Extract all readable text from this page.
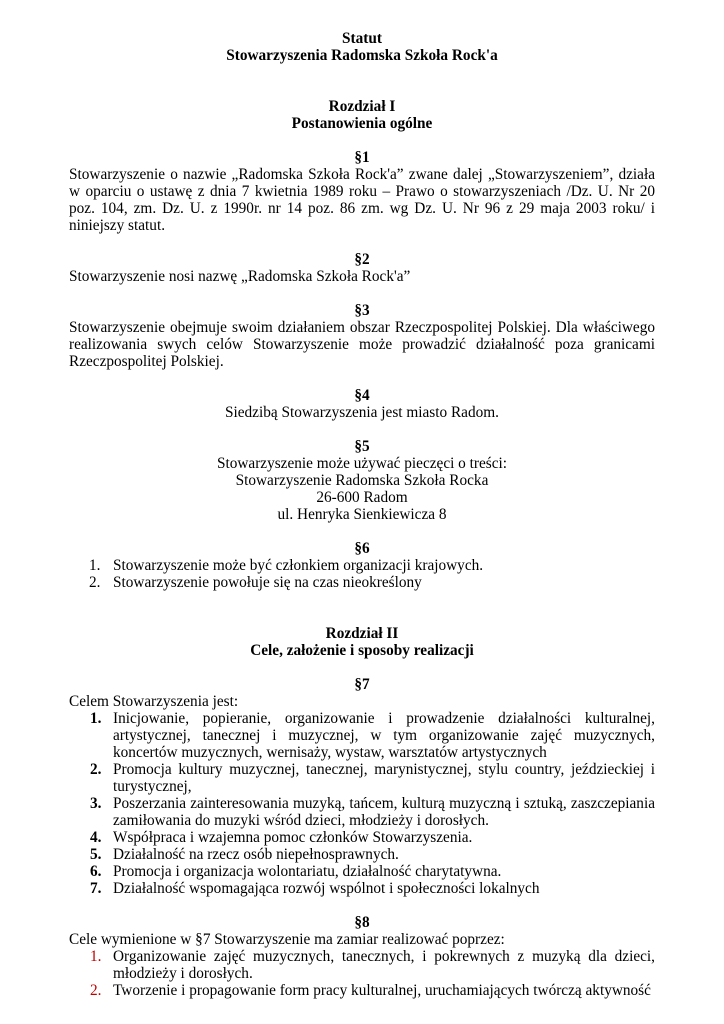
Statut
Stowarzyszenia Radomska Szkoła Rock'a
Rozdział I
Postanowienia ogólne
§1
Stowarzyszenie o nazwie „Radomska Szkoła Rock'a” zwane dalej „Stowarzyszeniem”, działa w oparciu o ustawę z dnia 7 kwietnia 1989 roku – Prawo o stowarzyszeniach /Dz. U. Nr 20 poz. 104, zm. Dz. U. z 1990r. nr 14 poz. 86 zm. wg Dz. U. Nr 96 z 29 maja 2003 roku/ i niniejszy statut.
§2
Stowarzyszenie nosi nazwę „Radomska Szkoła Rock'a”
§3
Stowarzyszenie obejmuje swoim działaniem obszar Rzeczpospolitej Polskiej. Dla właściwego realizowania swych celów Stowarzyszenie może prowadzić działalność poza granicami Rzeczpospolitej Polskiej.
§4
Siedzibą Stowarzyszenia jest miasto Radom.
§5
Stowarzyszenie może używać pieczęci o treści:
Stowarzyszenie Radomska Szkoła Rocka
26-600 Radom
ul. Henryka Sienkiewicza 8
§6
1. Stowarzyszenie może być członkiem organizacji krajowych.
2. Stowarzyszenie powołuje się na czas nieokreślony
Rozdział II
Cele, założenie i sposoby realizacji
§7
Celem Stowarzyszenia jest:
1. Inicjowanie, popieranie, organizowanie i prowadzenie działalności kulturalnej, artystycznej, tanecznej i muzycznej, w tym organizowanie zajęć muzycznych, koncertów muzycznych, wernisaży, wystaw, warsztatów artystycznych
2. Promocja kultury muzycznej, tanecznej, marynistycznej, stylu country, jeździeckiej i turystycznej,
3. Poszerzania zainteresowania muzyką, tańcem, kulturą muzyczną i sztuką, zaszczepiania zamiłowania do muzyki wśród dzieci, młodzieży i dorosłych.
4. Współpraca i wzajemna pomoc członków Stowarzyszenia.
5. Działalność na rzecz osób niepełnosprawnych.
6. Promocja i organizacja wolontariatu, działalność charytatywna.
7. Działalność wspomagająca rozwój wspólnot i społeczności lokalnych
§8
Cele wymienione w §7 Stowarzyszenie ma zamiar realizować poprzez:
1. Organizowanie zajęć muzycznych, tanecznych, i pokrewnych z muzyką dla dzieci, młodzieży i dorosłych.
2. Tworzenie i propagowanie form pracy kulturalnej, uruchamiających twórczą aktywność
